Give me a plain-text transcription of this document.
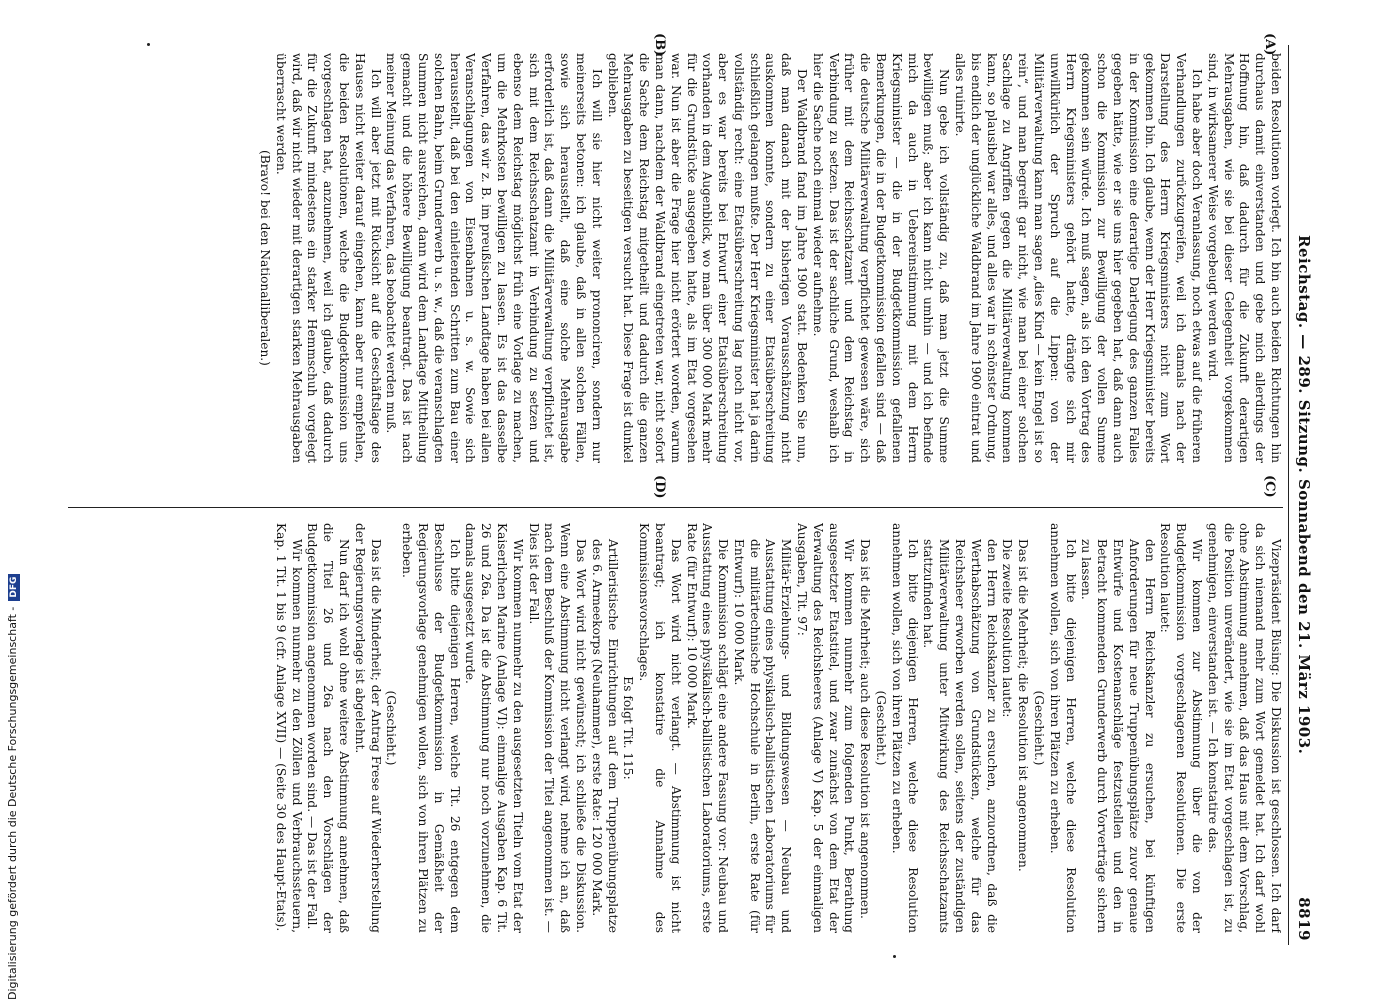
Reichstag. — 289. Sitzung. Sonnabend den 21. März 1903.
8819
(A)
(B)
(C)
(D)

beiden Resolutionen vorlegt. Ich bin auch beiden Richtungen hin durchaus damit einverstanden und gebe mich allerdings der Hoffnung hin, daß dadurch für die Zukunft derartigen Mehrausgaben, wie sie bei dieser Gelegenheit vorgekommen sind, in wirksamerer Weise vorgebeugt werden wird.

Ich habe aber doch Veranlassung, noch etwas auf die früheren Verhandlungen zurückzugreifen, weil ich damals nach der Darstellung des Herrn Kriegsministers nicht zum Wort gekommen bin. Ich glaube, wenn der Herr Kriegsminister bereits in der Kommission eine derartige Darlegung des ganzen Falles gegeben hätte, wie er sie uns hier gegeben hat, daß dann auch schon die Kommission zur Bewilligung der vollen Summe gekommen sein würde. Ich muß sagen, als ich den Vortrag des Herrn Kriegsministers gehört hatte, drängte sich mir unwillkürlich der Spruch auf die Lippen: von der Militärverwaltung kann man sagen „dies Kind — kein Engel ist so rein“, und man begreift gar nicht, wie man bei einer solchen Sachlage zu Angriffen gegen die Militärverwaltung kommen kann, so plausibel war alles, und alles war in schönster Ordnung, bis endlich der unglückliche Waldbrand im Jahre 1900 eintrat und alles ruinirte.

Nun gebe ich vollständig zu, daß man jetzt die Summe bewilligen muß; aber ich kann nicht umhin — und ich befinde mich da auch in Uebereinstimmung mit dem Herrn Kriegsminister — die in der Budgetkommission gefallenen Bemerkungen, die in der Budgetkommission gefallen sind — daß die deutsche Militärverwaltung verpflichtet gewesen wäre, sich früher mit dem Reichsschatzamt und dem Reichstag in Verbindung zu setzen. Das ist der sachliche Grund, weshalb ich hier die Sache noch einmal wieder aufnehme.

Der Waldbrand fand im Jahre 1900 statt. Bedenken Sie nun, daß man danach mit der bisherigen Vorausschätzung nicht auskommen konnte, sondern zu einer Etatsüberschreitung schließlich gelangen mußte. Der Herr Kriegsminister hat ja darin vollständig recht: eine Etatsüberschreitung lag noch nicht vor, aber es war bereits bei Entwurf einer Etatsüberschreitung vorhanden in dem Augenblick, wo man über 300 000 Mark mehr für die Grundstücke ausgegeben hatte, als im Etat vorgesehen war. Nun ist aber die Frage hier nicht erörtert worden, warum man dann, nachdem der Waldbrand eingetreten war, nicht sofort die Sache dem Reichstag mitgetheilt und dadurch die ganzen Mehrausgaben zu beseitigen versucht hat. Diese Frage ist dunkel geblieben.

Ich will sie hier nicht weiter prononciren, sondern nur meinerseits betonen: ich glaube, daß in allen solchen Fällen, sowie sich herausstellt, daß eine solche Mehrausgabe erforderlich ist, daß dann die Militärverwaltung verpflichtet ist, sich mit dem Reichsschatzamt in Verbindung zu setzen und ebenso dem Reichstag möglichst früh eine Vorlage zu machen, um die Mehrkosten bewilligen zu lassen. Es ist das dasselbe Verfahren, das wir z. B. im preußischen Landtage haben bei allen Veranschlagungen von Eisenbahnen u. s. w. Sowie sich herausstellt, daß bei den einleitenden Schritten zum Bau einer solchen Bahn, beim Grunderwerb u. s. w., daß die veranschlagten Summen nicht ausreichen, dann wird dem Landtage Mittheilung gemacht und die höhere Bewilligung beantragt. Das ist nach meiner Meinung das Verfahren, das beobachtet werden muß.

Ich will aber jetzt mit Rücksicht auf die Geschäftslage des Hauses nicht weiter darauf eingehen, kann aber nur empfehlen, die beiden Resolutionen, welche die Budgetkommission uns vorgeschlagen hat, anzunehmen, weil ich glaube, daß dadurch für die Zukunft mindestens ein starker Hemmschuh vorgelegt wird, daß wir nicht wieder mit derartigen starken Mehrausgaben überrascht werden.

(Bravo! bei den Nationalliberalen.)

Vizepräsident Büsing: Die Diskussion ist geschlossen. Ich darf da sich niemand mehr zum Wort gemeldet hat. Ich darf wohl ohne Abstimmung annehmen, daß das Haus mit dem Vorschlag, die Position unverändert, wie sie im Etat vorgeschlagen ist, zu genehmigen, einverstanden ist. — Ich konstatire das.

Wir kommen zur Abstimmung über die von der Budgetkommission vorgeschlagenen Resolutionen. Die erste Resolution lautet:

den Herrn Reichskanzler zu ersuchen, bei künftigen Anforderungen für neue Truppenübungsplätze zuvor genaue Entwürfe und Kostenanschläge festzustellen und den in Betracht kommenden Grunderwerb durch Vorverträge sichern zu lassen.

Ich bitte diejenigen Herren, welche diese Resolution annehmen wollen, sich von ihren Plätzen zu erheben.

(Geschieht.)

Das ist die Mehrheit; die Resolution ist angenommen.

Die zweite Resolution lautet:

den Herrn Reichskanzler zu ersuchen, anzuordnen, daß die Werthabschätzung von Grundstücken, welche für das Reichsheer erworben werden sollen, seitens der zuständigen Militärverwaltung unter Mitwirkung des Reichsschatzamts stattzufinden hat.

Ich bitte diejenigen Herren, welche diese Resolution annehmen wollen, sich von ihren Plätzen zu erheben.

(Geschieht.)

Das ist die Mehrheit; auch diese Resolution ist angenommen.

Wir kommen nunmehr zum folgenden Punkt, Berathung ausgesetzter Etatstitel, und zwar zunächst von dem Etat der Verwaltung des Reichsheeres (Anlage V) Kap. 5 der einmaligen Ausgaben, Tit. 97:

Militär-Erziehungs- und Bildungswesen — Neubau und Ausstattung eines physikalisch-ballistischen Laboratoriums für die militärtechnische Hochschule in Berlin, erste Rate (für Entwurf): 10 000 Mark.

Die Kommission schlägt eine andere Fassung vor: Neubau und Ausstattung eines physikalisch-ballistischen Laboratoriums, erste Rate (für Entwurf): 10 000 Mark.

Das Wort wird nicht verlangt. — Abstimmung ist nicht beantragt; ich konstatire die Annahme des Kommissionsvorschlages.

Es folgt Tit. 115:

Artilleristische Einrichtungen auf dem Truppenübungsplatze des 6. Armeekorps (Neuhammer), erste Rate: 120 000 Mark.

Das Wort wird nicht gewünscht; ich schließe die Diskussion. Wenn eine Abstimmung nicht verlangt wird, nehme ich an, daß nach dem Beschluß der Kommission der Titel angenommen ist. — Dies ist der Fall.

Wir kommen nunmehr zu den ausgesetzten Titeln vom Etat der Kaiserlichen Marine (Anlage VI): einmalige Ausgaben Kap. 6 Tit. 26 und 26a. Da ist die Abstimmung nur noch vorzunehmen, die damals ausgesetzt wurde.

Ich bitte diejenigen Herren, welche Tit. 26 entgegen dem Beschlusse der Budgetkommission in Gemäßheit der Regierungsvorlage genehmigen wollen, sich von ihren Plätzen zu erheben.

(Geschieht.)

Das ist die Minderheit; der Antrag Frese auf Wiederherstellung der Regierungsvorlage ist abgelehnt.

Nun darf ich wohl ohne weitere Abstimmung annehmen, daß die Titel 26 und 26a nach den Vorschlägen der Budgetkommission angenommen worden sind. — Das ist der Fall.

Wir kommen nunmehr zu den Zöllen und Verbrauchssteuern, Kap. 1 Tit. 1 bis 9 (cfr. Anlage XVII) — (Seite 30 des Haupt-Etats).

Digitalisierung gefördert durch die Deutsche Forschungsgemeinschaft -DFG
